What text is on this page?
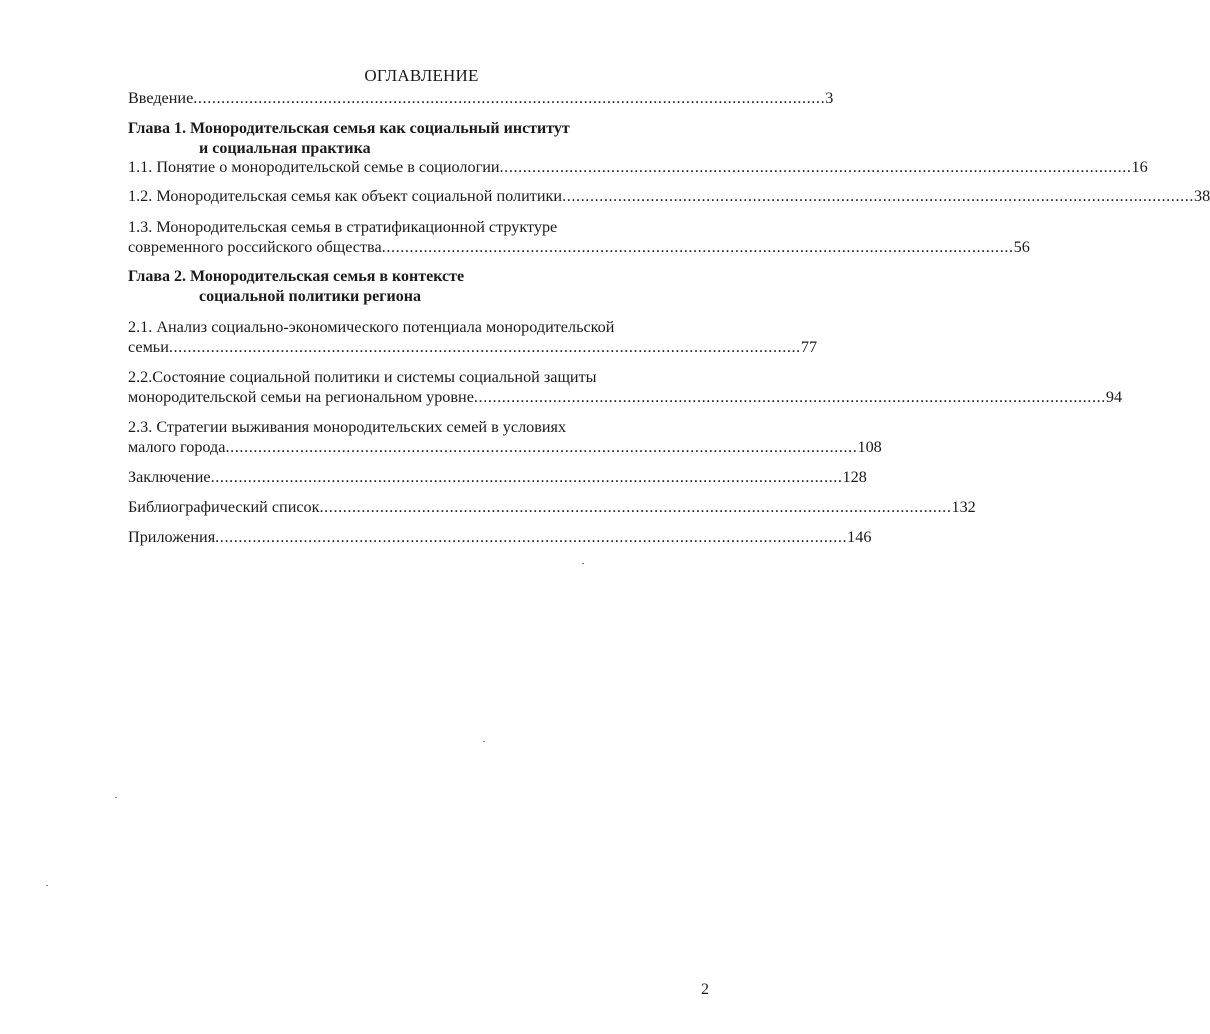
ОГЛАВЛЕНИЕ
Введение ........................................................................................................................................ 3
Глава 1. Монородительская семья как социальный институт
и социальная практика
1.1. Понятие о монородительской семье в социологии ........................................................................................................................................ 16
1.2. Монородительская семья как объект социальной политики ........................................................................................................................................ 38
1.3. Монородительская семья в стратификационной структуре
современного российского общества ........................................................................................................................................ 56
Глава 2. Монородительская семья в контексте
социальной политики региона
2.1. Анализ социально-экономического потенциала монородительской
семьи ........................................................................................................................................ 77
2.2.Состояние социальной политики и системы социальной защиты
монородительской семьи на региональном уровне ........................................................................................................................................ 94
2.3. Стратегии выживания монородительских семей в условиях
малого города ........................................................................................................................................ 108
Заключение ........................................................................................................................................ 128
Библиографический список ........................................................................................................................................ 132
Приложения ........................................................................................................................................ 146
2
